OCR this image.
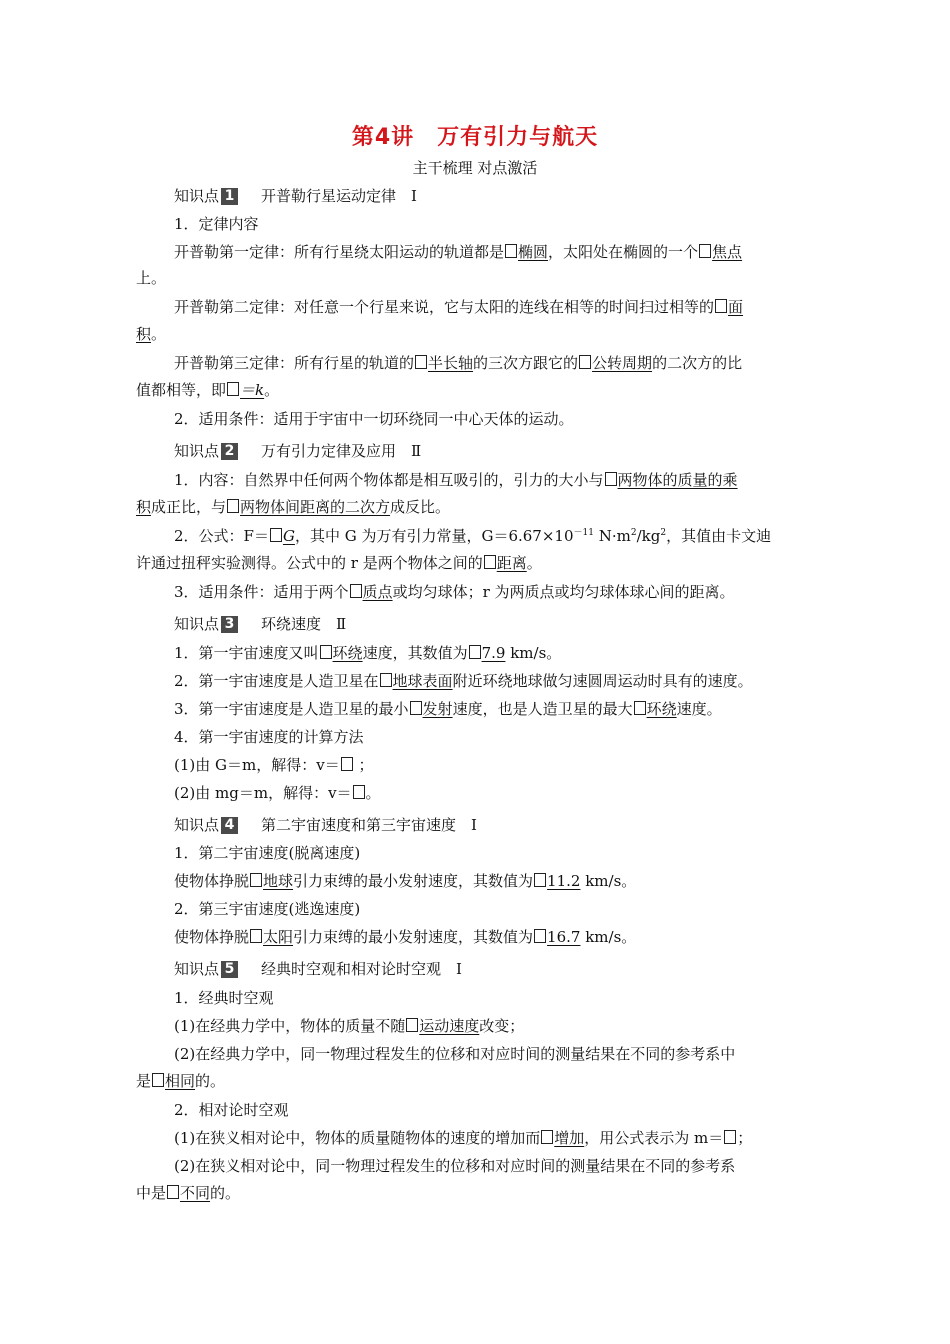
第4讲　万有引力与航天
主干梳理 对点激活
知识点 1 开普勒行星运动定律　Ⅰ
1．定律内容
开普勒第一定律：所有行星绕太阳运动的轨道都是 椭圆，太阳处在椭圆的一个 焦点
上。
开普勒第二定律：对任意一个行星来说，它与太阳的连线在相等的时间扫过相等的 面
积。
开普勒第三定律：所有行星的轨道的 半长轴的三次方跟它的 公转周期的二次方的比
值都相等，即 ＝k。
2．适用条件：适用于宇宙中一切环绕同一中心天体的运动。
知识点 2 万有引力定律及应用　Ⅱ
1．内容：自然界中任何两个物体都是相互吸引的，引力的大小与 两物体的质量的乘
积成正比，与 两物体间距离的二次方成反比。
2．公式：F＝ G，其中 G 为万有引力常量，$G=6.67\times 10^{-11}$ $N\cdot m^2/kg^2$，其值由卡文迪
许通过扭秤实验测得。公式中的 r 是两个物体之间的 距离。
3．适用条件：适用于两个 质点或均匀球体；r 为两质点或均匀球体球心间的距离。
知识点 3 环绕速度　Ⅱ
1．第一宇宙速度又叫 环绕速度，其数值为 7.9 km/s。
2．第一宇宙速度是人造卫星在 地球表面附近环绕地球做匀速圆周运动时具有的速度。
3．第一宇宙速度是人造卫星的最小 发射速度，也是人造卫星的最大 环绕速度。
4．第一宇宙速度的计算方法
(1)由 G＝m，解得：v＝ ；
(2)由 mg＝m，解得：v＝ 。
知识点 4 第二宇宙速度和第三宇宙速度　Ⅰ
1．第二宇宙速度(脱离速度)
使物体挣脱 地球引力束缚的最小发射速度，其数值为 11.2 km/s。
2．第三宇宙速度(逃逸速度)
使物体挣脱 太阳引力束缚的最小发射速度，其数值为 16.7 km/s。
知识点 5 经典时空观和相对论时空观　Ⅰ
1．经典时空观
(1)在经典力学中，物体的质量不随 运动速度改变；
(2)在经典力学中，同一物理过程发生的位移和对应时间的测量结果在不同的参考系中
是 相同的。
2．相对论时空观
(1)在狭义相对论中，物体的质量随物体的速度的增加而 增加，用公式表示为 m＝ ；
(2)在狭义相对论中，同一物理过程发生的位移和对应时间的测量结果在不同的参考系
中是 不同的。
